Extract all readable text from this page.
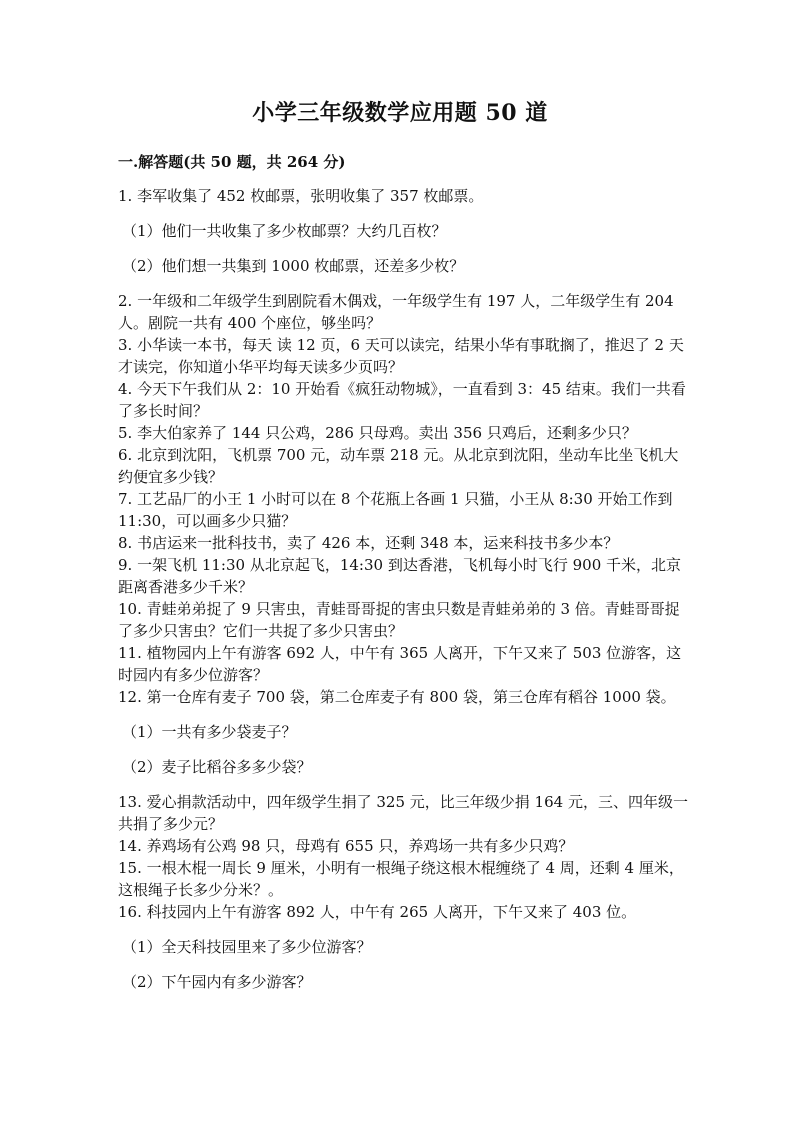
小学三年级数学应用题 50 道
一.解答题(共 50 题，共 264 分)

1. 李军收集了 452 枚邮票，张明收集了 357 枚邮票。

（1）他们一共收集了多少枚邮票？大约几百枚？

（2）他们想一共集到 1000 枚邮票，还差多少枚？

2. 一年级和二年级学生到剧院看木偶戏，一年级学生有 197 人，二年级学生有 204 人。剧院一共有 400 个座位，够坐吗？

3. 小华读一本书，每天 读 12 页，6 天可以读完，结果小华有事耽搁了，推迟了 2 天才读完，你知道小华平均每天读多少页吗？

4. 今天下午我们从 2：10 开始看《疯狂动物城》，一直看到 3：45 结束。我们一共看了多长时间？

5. 李大伯家养了 144 只公鸡，286 只母鸡。卖出 356 只鸡后，还剩多少只？

6. 北京到沈阳，飞机票 700 元，动车票 218 元。从北京到沈阳，坐动车比坐飞机大约便宜多少钱？

7. 工艺品厂的小王 1 小时可以在 8 个花瓶上各画 1 只猫，小王从 8:30 开始工作到 11:30，可以画多少只猫？

8. 书店运来一批科技书，卖了 426 本，还剩 348 本，运来科技书多少本？

9. 一架飞机 11:30 从北京起飞，14:30 到达香港，飞机每小时飞行 900 千米，北京距离香港多少千米？

10. 青蛙弟弟捉了 9 只害虫，青蛙哥哥捉的害虫只数是青蛙弟弟的 3 倍。青蛙哥哥捉了多少只害虫？它们一共捉了多少只害虫？

11. 植物园内上午有游客 692 人，中午有 365 人离开，下午又来了 503 位游客，这时园内有多少位游客？

12. 第一仓库有麦子 700 袋，第二仓库麦子有 800 袋，第三仓库有稻谷 1000 袋。

（1）一共有多少袋麦子？

（2）麦子比稻谷多多少袋？

13. 爱心捐款活动中，四年级学生捐了 325 元，比三年级少捐 164 元，三、四年级一共捐了多少元？

14. 养鸡场有公鸡 98 只，母鸡有 655 只，养鸡场一共有多少只鸡？

15. 一根木棍一周长 9 厘米，小明有一根绳子绕这根木棍缠绕了 4 周，还剩 4 厘米，这根绳子长多少分米？。

16. 科技园内上午有游客 892 人，中午有 265 人离开，下午又来了 403 位。

（1）全天科技园里来了多少位游客？

（2）下午园内有多少游客？
